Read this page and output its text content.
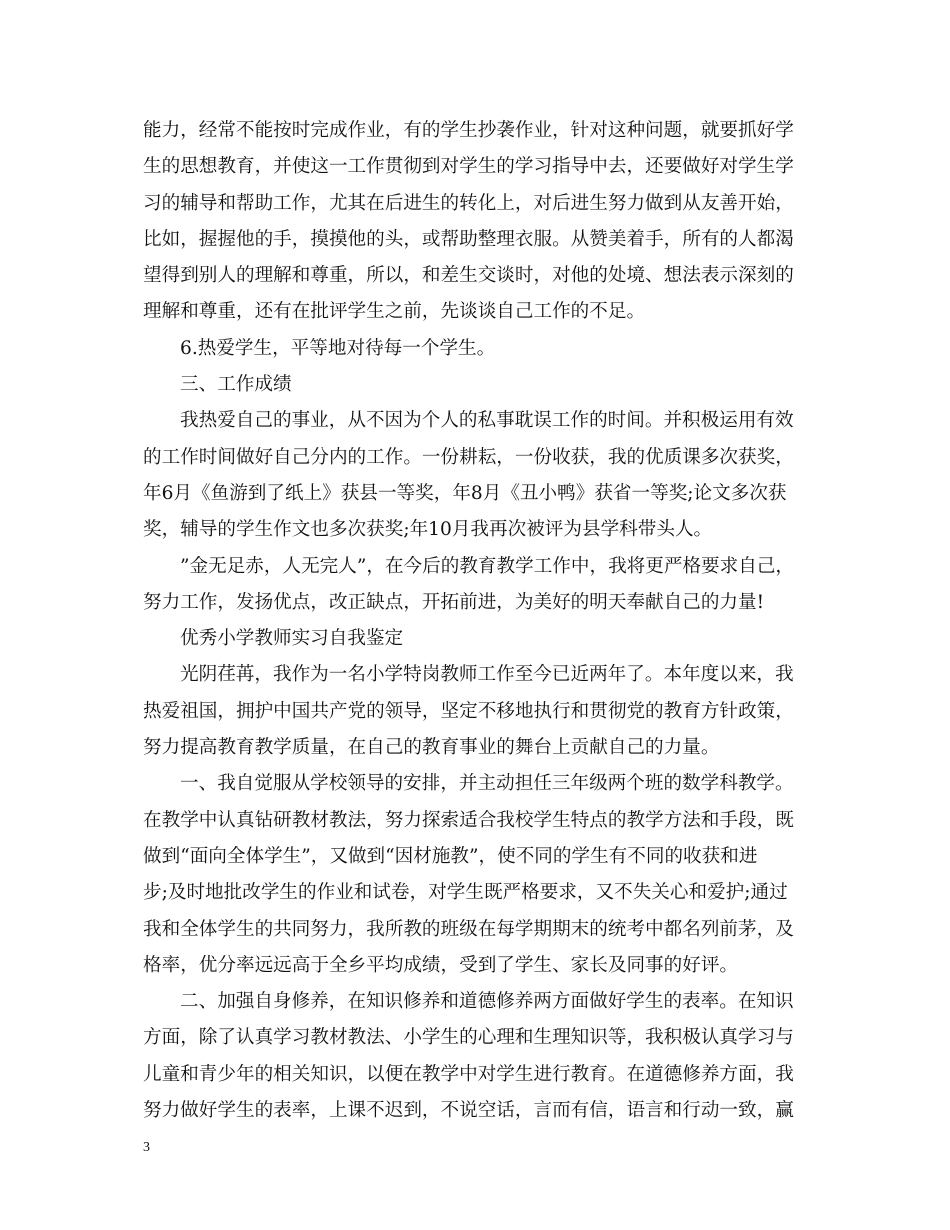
能力，经常不能按时完成作业，有的学生抄袭作业，针对这种问题，就要抓好学
生的思想教育，并使这一工作贯彻到对学生的学习指导中去，还要做好对学生学
习的辅导和帮助工作，尤其在后进生的转化上，对后进生努力做到从友善开始，
比如，握握他的手，摸摸他的头，或帮助整理衣服。从赞美着手，所有的人都渴
望得到别人的理解和尊重，所以，和差生交谈时，对他的处境、想法表示深刻的
理解和尊重，还有在批评学生之前，先谈谈自己工作的不足。
6.热爱学生，平等地对待每一个学生。
三、工作成绩
我热爱自己的事业，从不因为个人的私事耽误工作的时间。并积极运用有效
的工作时间做好自己分内的工作。一份耕耘，一份收获，我的优质课多次获奖，
年6月《鱼游到了纸上》获县一等奖，年8月《丑小鸭》获省一等奖;论文多次获
奖，辅导的学生作文也多次获奖;年10月我再次被评为县学科带头人。
”金无足赤，人无完人”，在今后的教育教学工作中，我将更严格要求自己，
努力工作，发扬优点，改正缺点，开拓前进，为美好的明天奉献自己的力量!
优秀小学教师实习自我鉴定
光阴荏苒，我作为一名小学特岗教师工作至今已近两年了。本年度以来，我
热爱祖国，拥护中国共产党的领导，坚定不移地执行和贯彻党的教育方针政策，
努力提高教育教学质量，在自己的教育事业的舞台上贡献自己的力量。
一、我自觉服从学校领导的安排，并主动担任三年级两个班的数学科教学。
在教学中认真钻研教材教法，努力探索适合我校学生特点的教学方法和手段，既
做到“面向全体学生”，又做到“因材施教”，使不同的学生有不同的收获和进
步;及时地批改学生的作业和试卷，对学生既严格要求，又不失关心和爱护;通过
我和全体学生的共同努力，我所教的班级在每学期期末的统考中都名列前茅，及
格率，优分率远远高于全乡平均成绩，受到了学生、家长及同事的好评。
二、加强自身修养，在知识修养和道德修养两方面做好学生的表率。在知识
方面，除了认真学习教材教法、小学生的心理和生理知识等，我积极认真学习与
儿童和青少年的相关知识，以便在教学中对学生进行教育。在道德修养方面，我
努力做好学生的表率，上课不迟到，不说空话，言而有信，语言和行动一致，赢
3
